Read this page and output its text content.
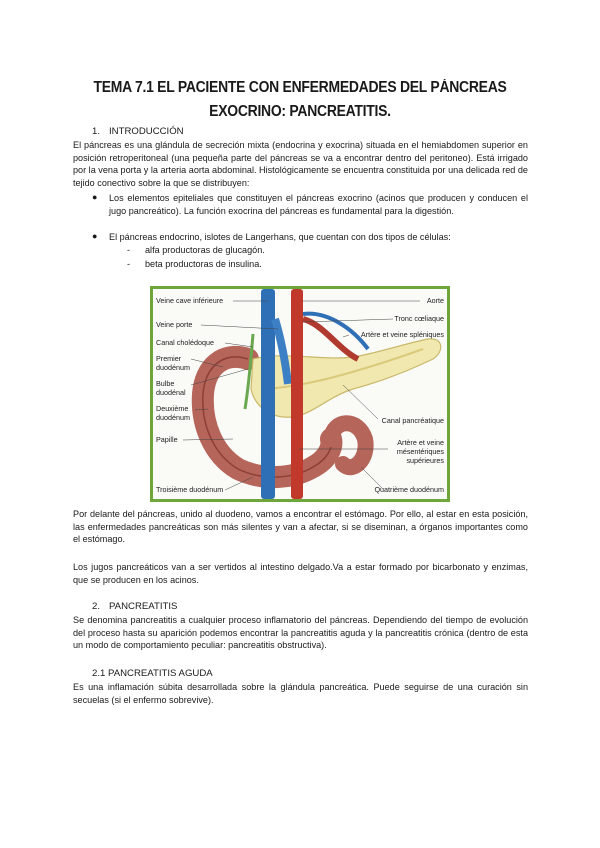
TEMA 7.1 EL PACIENTE CON ENFERMEDADES DEL PÁNCREAS EXOCRINO: PANCREATITIS.
1. INTRODUCCIÓN
El páncreas es una glándula de secreción mixta (endocrina y exocrina) situada en el hemiabdomen superior en posición retroperitoneal (una pequeña parte del páncreas se va a encontrar dentro del peritoneo). Está irrigado por la vena porta y la arteria aorta abdominal. Histológicamente se encuentra constituida por una delicada red de tejido conectivo sobre la que se distribuyen:
● Los elementos epiteliales que constituyen el páncreas exocrino (acinos que producen y conducen el jugo pancreático). La función exocrina del páncreas es fundamental para la digestión.
● El páncreas endocrino, islotes de Langerhans, que cuentan con dos tipos de células:
- alfa productoras de glucagón.
- beta productoras de insulina.
Veine cave inférieure
Veine porte
Canal cholédoque
Premier
duodénum
Bulbe
duodénal
Deuxième
duodénum
Papille
Troisième duodénum
Aorte
Tronc cœliaque
Artère et veine spléniques
Canal pancréatique
Artère et veine
mésentériques
supérieures
Quatrième duodénum
Por delante del páncreas, unido al duodeno, vamos a encontrar el estómago. Por ello, al estar en esta posición, las enfermedades pancreáticas son más silentes y van a afectar, si se diseminan, a órganos importantes como el estómago.
Los jugos pancreáticos van a ser vertidos al intestino delgado.Va a estar formado por bicarbonato y enzimas, que se producen en los acinos.
2. PANCREATITIS
Se denomina pancreatitis a cualquier proceso inflamatorio del páncreas. Dependiendo del tiempo de evolución del proceso hasta su aparición podemos encontrar la pancreatitis aguda y la pancreatitis crónica (dentro de esta un modo de comportamiento peculiar: pancreatitis obstructiva).
2.1 PANCREATITIS AGUDA
Es una inflamación súbita desarrollada sobre la glándula pancreática. Puede seguirse de una curación sin secuelas (si el enfermo sobrevive).
